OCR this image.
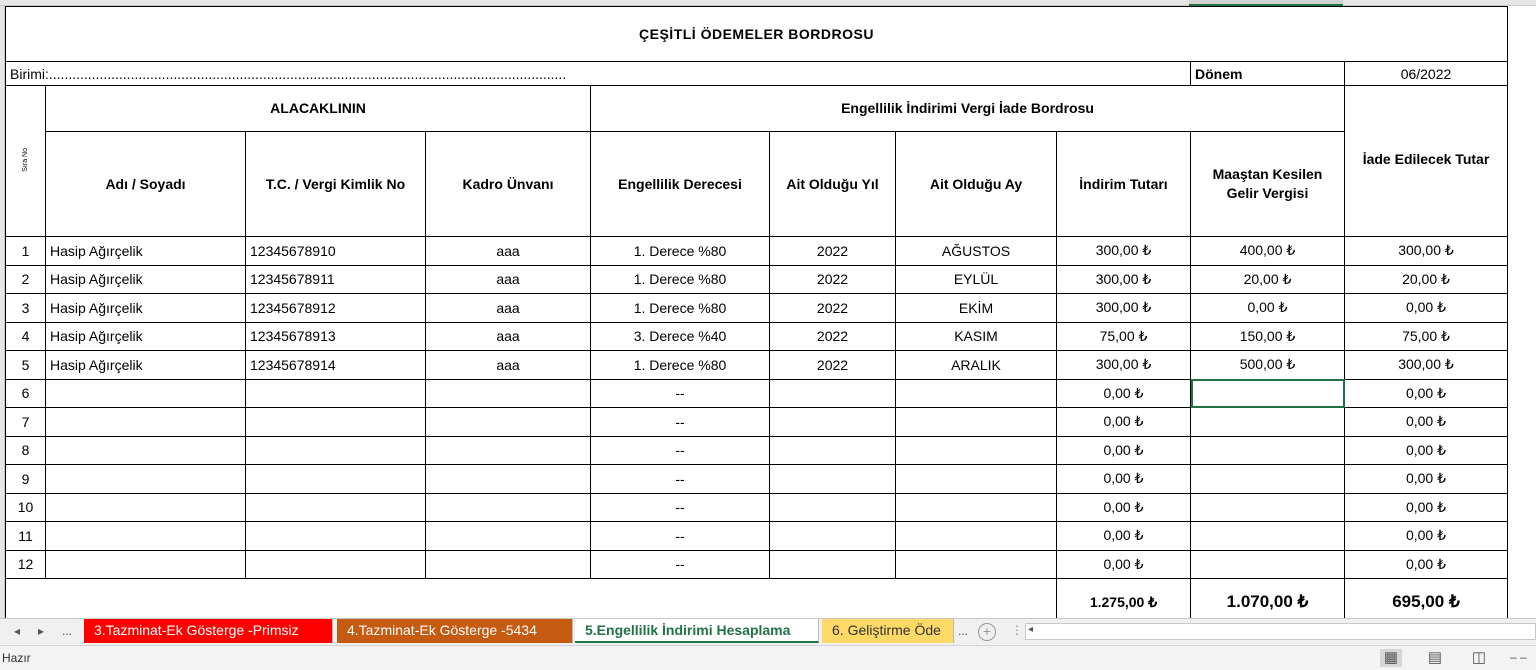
ÇEŞİTLİ ÖDEMELER BORDROSU									
Birimi:.....................................................................................................................................								Dönem	06/2022
Sıra No	ALACAKLININ			Engellilik İndirimi Vergi İade Bordrosu					İade Edilecek Tutar
	Adı / Soyadı	T.C. / Vergi Kimlik No	Kadro Ünvanı	Engellilik Derecesi	Ait Olduğu Yıl	Ait Olduğu Ay	İndirim Tutarı	Maaştan Kesilen Gelir Vergisi	
1	Hasip Ağırçelik	12345678910	aaa	1. Derece %80	2022	AĞUSTOS	300,00 ₺	400,00 ₺	300,00 ₺
2	Hasip Ağırçelik	12345678911	aaa	1. Derece %80	2022	EYLÜL	300,00 ₺	20,00 ₺	20,00 ₺
3	Hasip Ağırçelik	12345678912	aaa	1. Derece %80	2022	EKİM	300,00 ₺	0,00 ₺	0,00 ₺
4	Hasip Ağırçelik	12345678913	aaa	3. Derece %40	2022	KASIM	75,00 ₺	150,00 ₺	75,00 ₺
5	Hasip Ağırçelik	12345678914	aaa	1. Derece %80	2022	ARALIK	300,00 ₺	500,00 ₺	300,00 ₺
6				--			0,00 ₺		0,00 ₺
7				--			0,00 ₺		0,00 ₺
8				--			0,00 ₺		0,00 ₺
9				--			0,00 ₺		0,00 ₺
10				--			0,00 ₺		0,00 ₺
11				--			0,00 ₺		0,00 ₺
12				--			0,00 ₺		0,00 ₺
							1.275,00 ₺	1.070,00 ₺	695,00 ₺
◂	▸	...	3.Tazminat-Ek Gösterge -Primsiz	4.Tazminat-Ek Gösterge -5434	5.Engellilik İndirimi Hesaplama	6. Geliştirme Öde	...	+	⋮ ◂
Hazır	▦ ▤ ◫	– –
